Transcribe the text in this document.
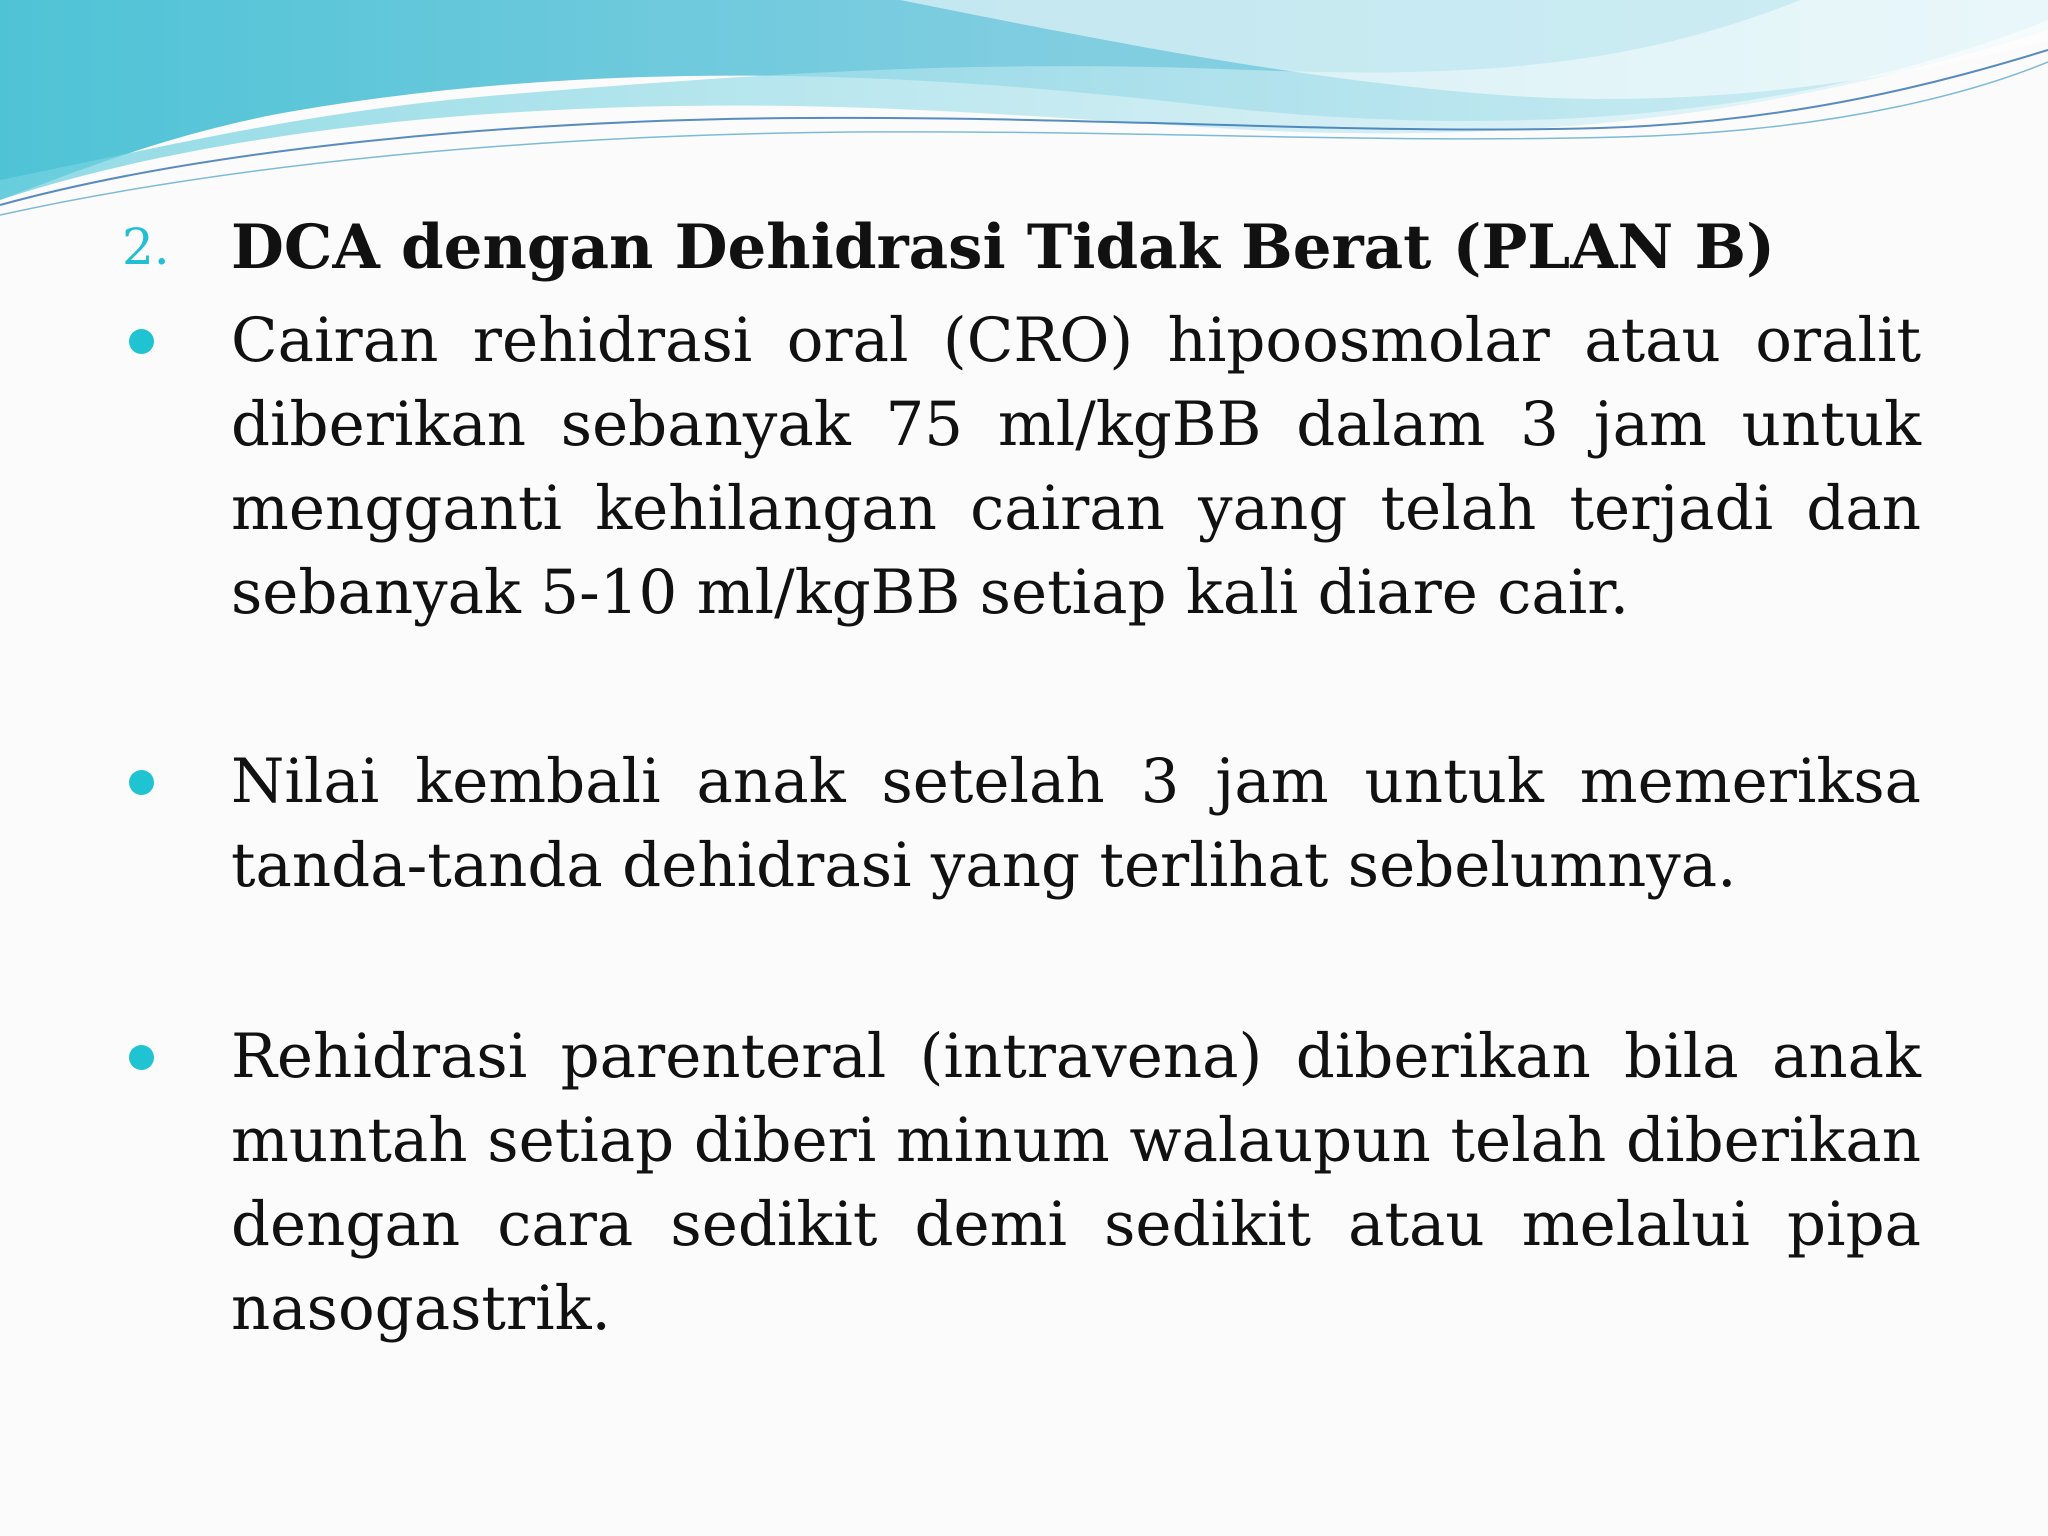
2. DCA dengan Dehidrasi Tidak Berat (PLAN B)

Cairan rehidrasi oral (CRO) hipoosmolar atau oralit diberikan sebanyak 75 ml/kgBB dalam 3 jam untuk mengganti kehilangan cairan yang telah terjadi dan sebanyak 5-10 ml/kgBB setiap kali diare cair.

Nilai kembali anak setelah 3 jam untuk memeriksa tanda-tanda dehidrasi yang terlihat sebelumnya.

Rehidrasi parenteral (intravena) diberikan bila anak muntah setiap diberi minum walaupun telah diberikan dengan cara sedikit demi sedikit atau melalui pipa nasogastrik.
